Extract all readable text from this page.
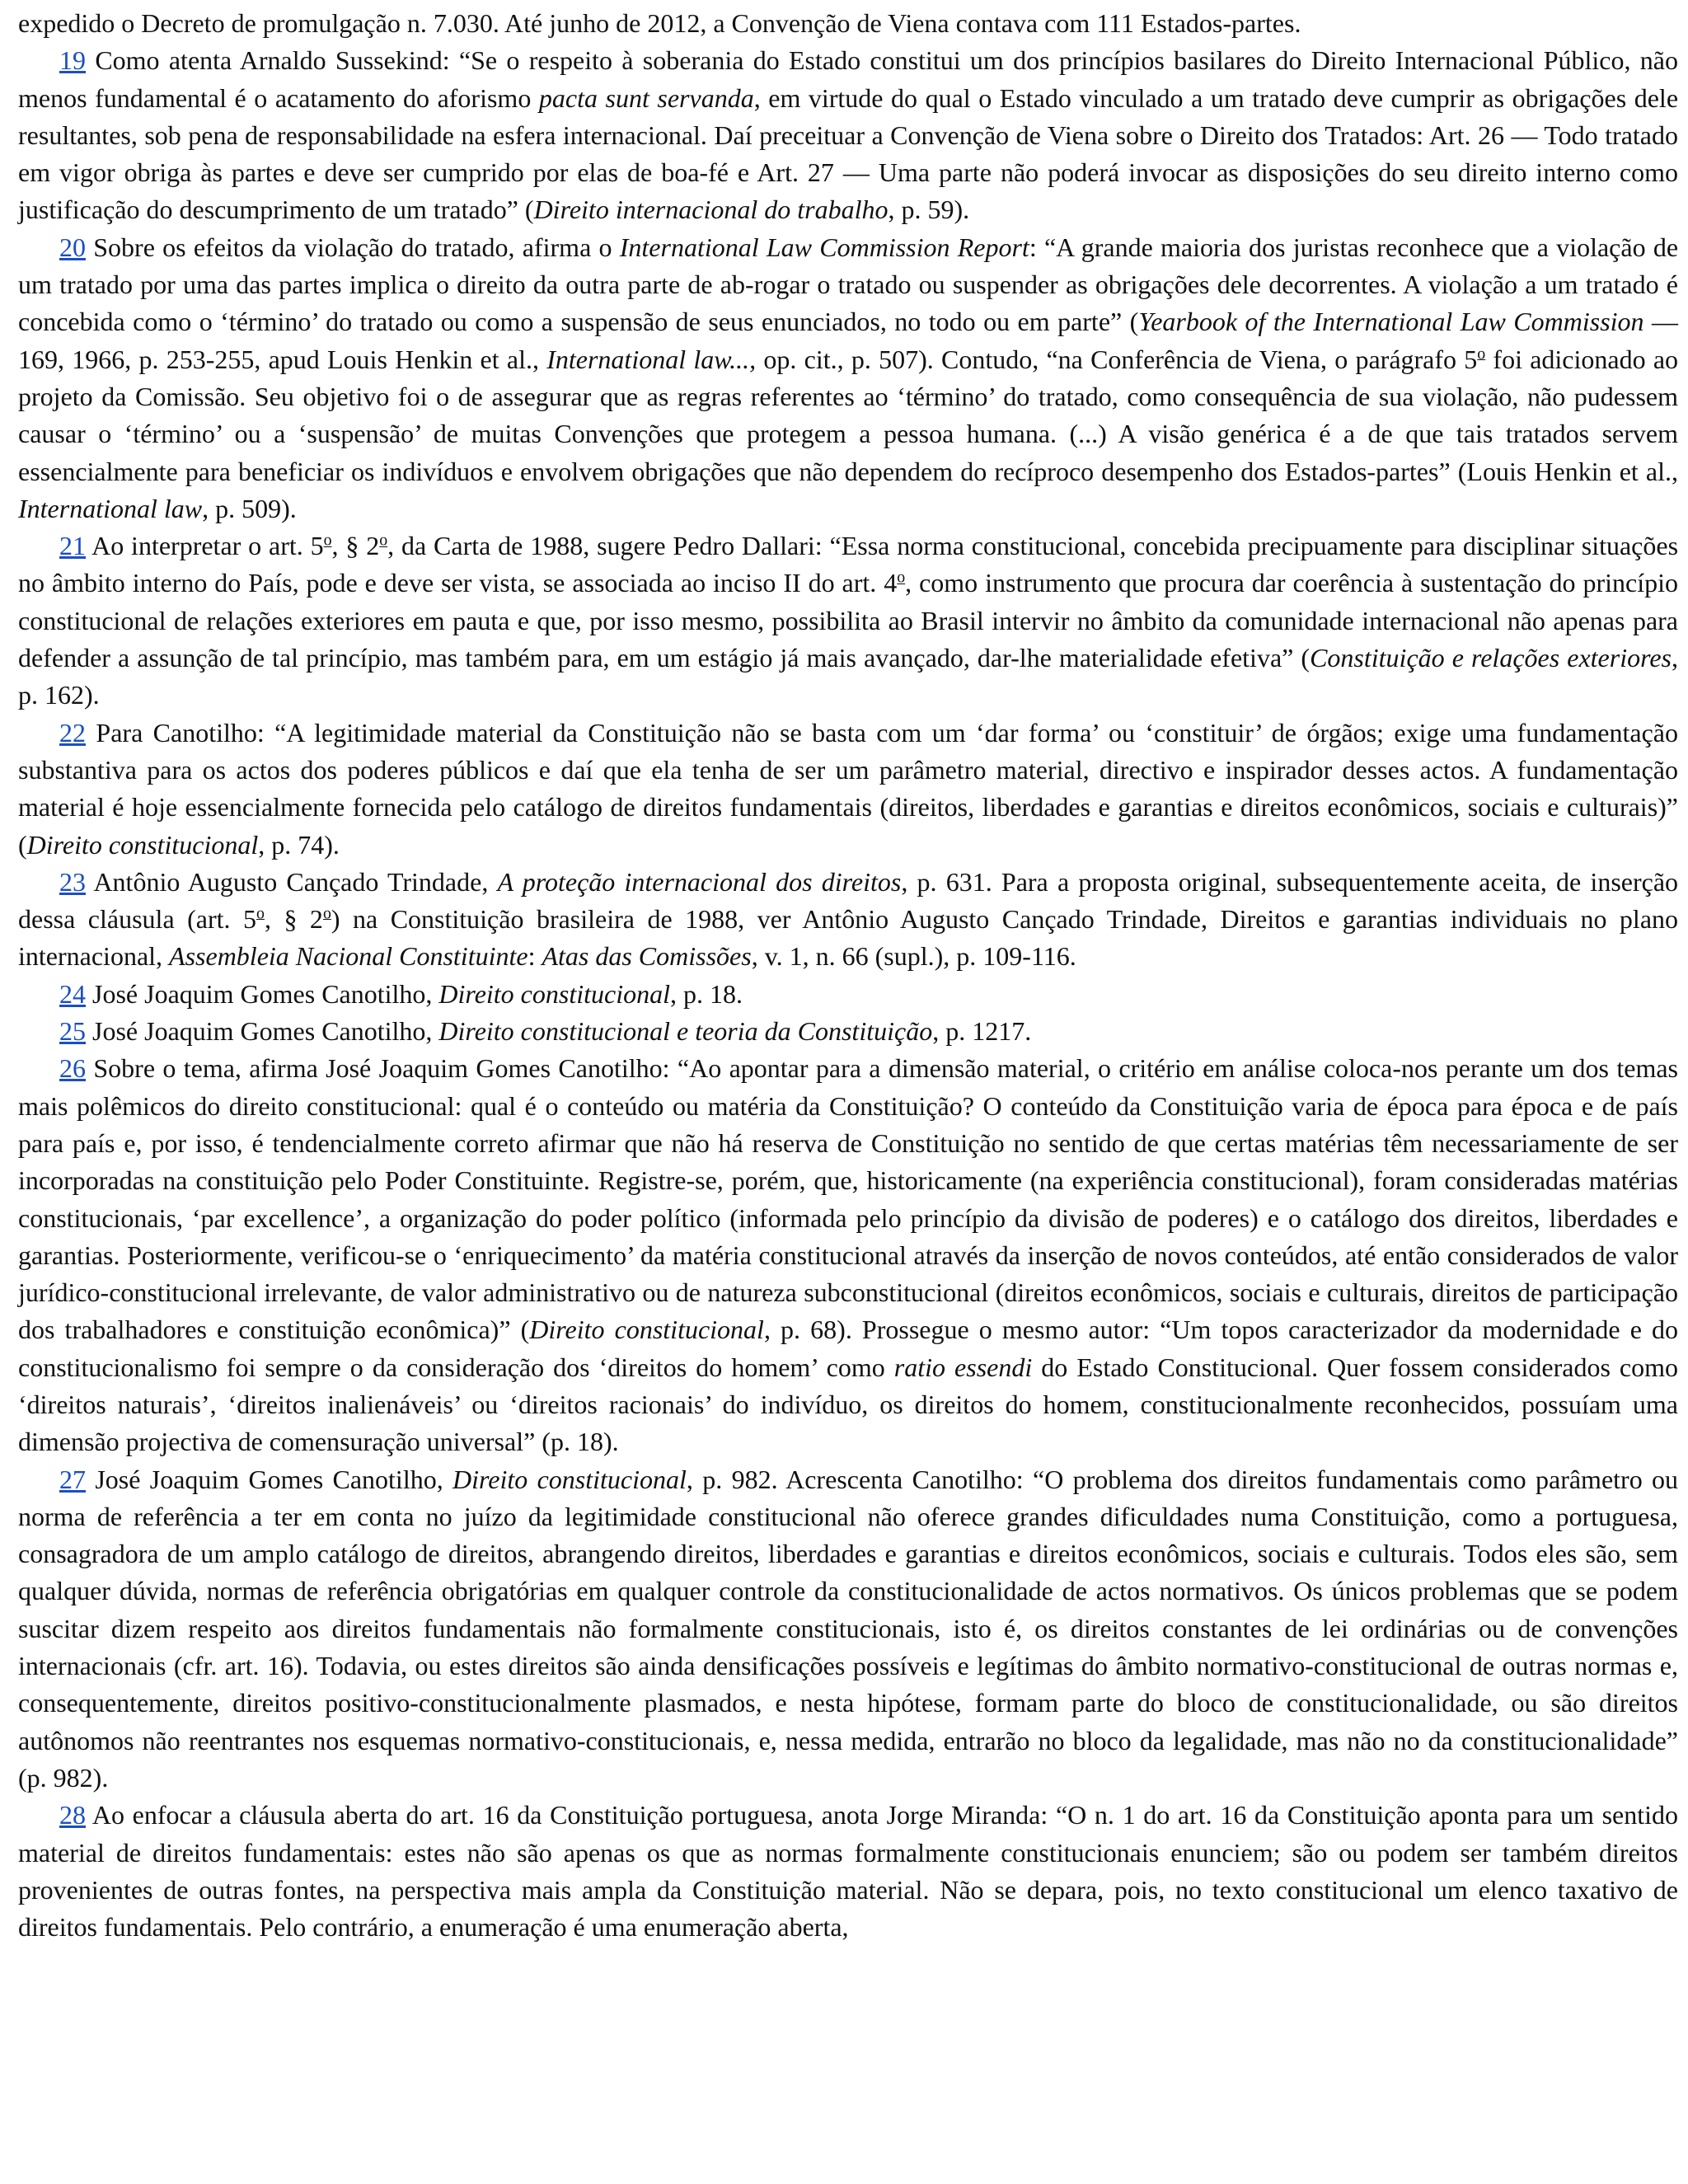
expedido o Decreto de promulgação n. 7.030. Até junho de 2012, a Convenção de Viena contava com 111 Estados-partes.

19 Como atenta Arnaldo Sussekind: “Se o respeito à soberania do Estado constitui um dos princípios basilares do Direito Internacional Público, não menos fundamental é o acatamento do aforismo pacta sunt servanda, em virtude do qual o Estado vinculado a um tratado deve cumprir as obrigações dele resultantes, sob pena de responsabilidade na esfera internacional. Daí preceituar a Convenção de Viena sobre o Direito dos Tratados: Art. 26 — Todo tratado em vigor obriga às partes e deve ser cumprido por elas de boa-fé e Art. 27 — Uma parte não poderá invocar as disposições do seu direito interno como justificação do descumprimento de um tratado” (Direito internacional do trabalho, p. 59).

20 Sobre os efeitos da violação do tratado, afirma o International Law Commission Report: “A grande maioria dos juristas reconhece que a violação de um tratado por uma das partes implica o direito da outra parte de ab-rogar o tratado ou suspender as obrigações dele decorrentes. A violação a um tratado é concebida como o ‘término’ do tratado ou como a suspensão de seus enunciados, no todo ou em parte” (Yearbook of the International Law Commission — 169, 1966, p. 253-255, apud Louis Henkin et al., International law..., op. cit., p. 507). Contudo, “na Conferência de Viena, o parágrafo 5$^o$ foi adicionado ao projeto da Comissão. Seu objetivo foi o de assegurar que as regras referentes ao ‘término’ do tratado, como consequência de sua violação, não pudessem causar o ‘término’ ou a ‘suspensão’ de muitas Convenções que protegem a pessoa humana. (...) A visão genérica é a de que tais tratados servem essencialmente para beneficiar os indivíduos e envolvem obrigações que não dependem do recíproco desempenho dos Estados-partes” (Louis Henkin et al., International law, p. 509).

21 Ao interpretar o art. 5$^o$, § 2$^o$, da Carta de 1988, sugere Pedro Dallari: “Essa norma constitucional, concebida precipuamente para disciplinar situações no âmbito interno do País, pode e deve ser vista, se associada ao inciso II do art. 4$^o$, como instrumento que procura dar coerência à sustentação do princípio constitucional de relações exteriores em pauta e que, por isso mesmo, possibilita ao Brasil intervir no âmbito da comunidade internacional não apenas para defender a assunção de tal princípio, mas também para, em um estágio já mais avançado, dar-lhe materialidade efetiva” (Constituição e relações exteriores, p. 162).

22 Para Canotilho: “A legitimidade material da Constituição não se basta com um ‘dar forma’ ou ‘constituir’ de órgãos; exige uma fundamentação substantiva para os actos dos poderes públicos e daí que ela tenha de ser um parâmetro material, directivo e inspirador desses actos. A fundamentação material é hoje essencialmente fornecida pelo catálogo de direitos fundamentais (direitos, liberdades e garantias e direitos econômicos, sociais e culturais)” (Direito constitucional, p. 74).

23 Antônio Augusto Cançado Trindade, A proteção internacional dos direitos, p. 631. Para a proposta original, subsequentemente aceita, de inserção dessa cláusula (art. 5$^o$, § 2$^o$) na Constituição brasileira de 1988, ver Antônio Augusto Cançado Trindade, Direitos e garantias individuais no plano internacional, Assembleia Nacional Constituinte: Atas das Comissões, v. 1, n. 66 (supl.), p. 109-116.

24 José Joaquim Gomes Canotilho, Direito constitucional, p. 18.

25 José Joaquim Gomes Canotilho, Direito constitucional e teoria da Constituição, p. 1217.

26 Sobre o tema, afirma José Joaquim Gomes Canotilho: “Ao apontar para a dimensão material, o critério em análise coloca-nos perante um dos temas mais polêmicos do direito constitucional: qual é o conteúdo ou matéria da Constituição? O conteúdo da Constituição varia de época para época e de país para país e, por isso, é tendencialmente correto afirmar que não há reserva de Constituição no sentido de que certas matérias têm necessariamente de ser incorporadas na constituição pelo Poder Constituinte. Registre-se, porém, que, historicamente (na experiência constitucional), foram consideradas matérias constitucionais, ‘par excellence’, a organização do poder político (informada pelo princípio da divisão de poderes) e o catálogo dos direitos, liberdades e garantias. Posteriormente, verificou-se o ‘enriquecimento’ da matéria constitucional através da inserção de novos conteúdos, até então considerados de valor jurídico-constitucional irrelevante, de valor administrativo ou de natureza subconstitucional (direitos econômicos, sociais e culturais, direitos de participação dos trabalhadores e constituição econômica)” (Direito constitucional, p. 68). Prossegue o mesmo autor: “Um topos caracterizador da modernidade e do constitucionalismo foi sempre o da consideração dos ‘direitos do homem’ como ratio essendi do Estado Constitucional. Quer fossem considerados como ‘direitos naturais’, ‘direitos inalienáveis’ ou ‘direitos racionais’ do indivíduo, os direitos do homem, constitucionalmente reconhecidos, possuíam uma dimensão projectiva de comensuração universal” (p. 18).

27 José Joaquim Gomes Canotilho, Direito constitucional, p. 982. Acrescenta Canotilho: “O problema dos direitos fundamentais como parâmetro ou norma de referência a ter em conta no juízo da legitimidade constitucional não oferece grandes dificuldades numa Constituição, como a portuguesa, consagradora de um amplo catálogo de direitos, abrangendo direitos, liberdades e garantias e direitos econômicos, sociais e culturais. Todos eles são, sem qualquer dúvida, normas de referência obrigatórias em qualquer controle da constitucionalidade de actos normativos. Os únicos problemas que se podem suscitar dizem respeito aos direitos fundamentais não formalmente constitucionais, isto é, os direitos constantes de lei ordinárias ou de convenções internacionais (cfr. art. 16). Todavia, ou estes direitos são ainda densificações possíveis e legítimas do âmbito normativo-constitucional de outras normas e, consequentemente, direitos positivo-constitucionalmente plasmados, e nesta hipótese, formam parte do bloco de constitucionalidade, ou são direitos autônomos não reentrantes nos esquemas normativo-constitucionais, e, nessa medida, entrarão no bloco da legalidade, mas não no da constitucionalidade” (p. 982).

28 Ao enfocar a cláusula aberta do art. 16 da Constituição portuguesa, anota Jorge Miranda: “O n. 1 do art. 16 da Constituição aponta para um sentido material de direitos fundamentais: estes não são apenas os que as normas formalmente constitucionais enunciem; são ou podem ser também direitos provenientes de outras fontes, na perspectiva mais ampla da Constituição material. Não se depara, pois, no texto constitucional um elenco taxativo de direitos fundamentais. Pelo contrário, a enumeração é uma enumeração aberta,
